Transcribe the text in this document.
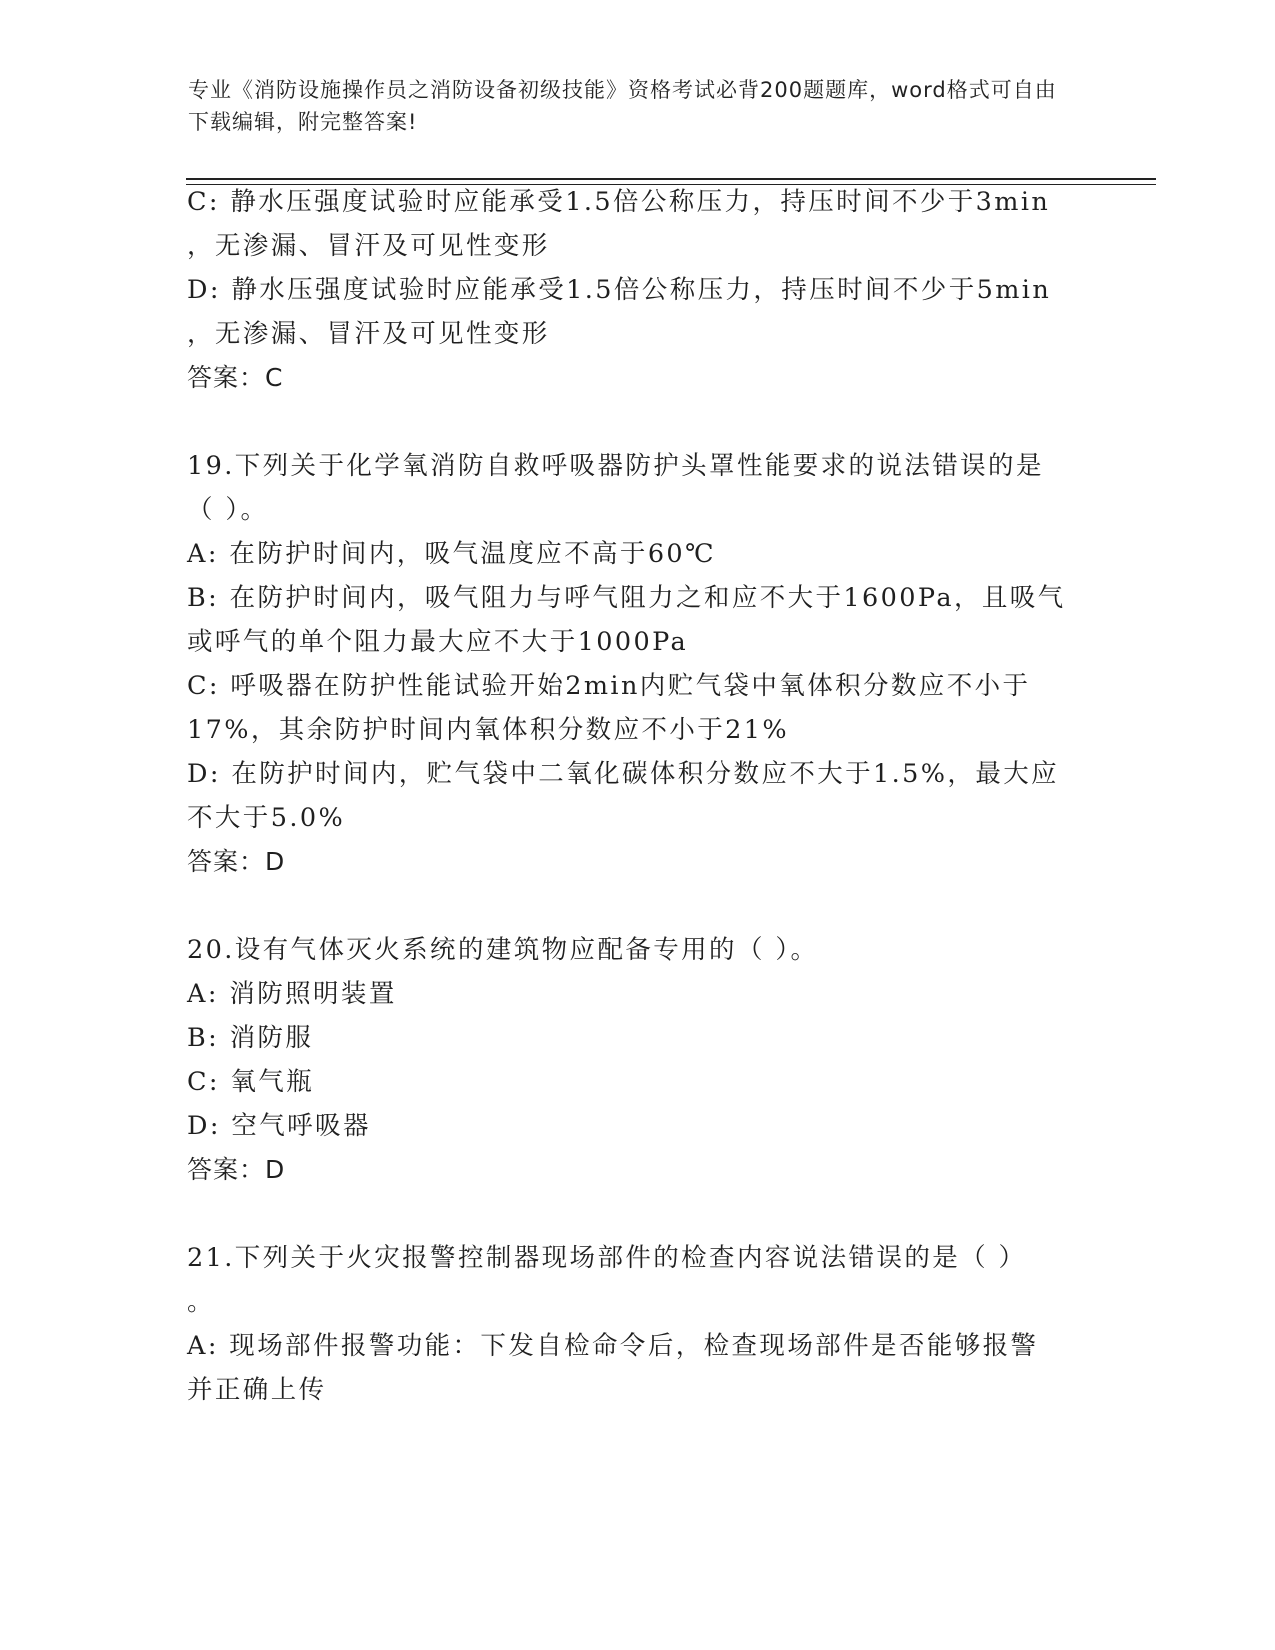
专业《消防设施操作员之消防设备初级技能》资格考试必背200题题库，word格式可自由下载编辑，附完整答案!
C: 静水压强度试验时应能承受1.5倍公称压力，持压时间不少于3min
，无渗漏、冒汗及可见性变形
D: 静水压强度试验时应能承受1.5倍公称压力，持压时间不少于5min
，无渗漏、冒汗及可见性变形
答案：C
19.下列关于化学氧消防自救呼吸器防护头罩性能要求的说法错误的是
（ ）。
A: 在防护时间内，吸气温度应不高于60℃
B: 在防护时间内，吸气阻力与呼气阻力之和应不大于1600Pa，且吸气
或呼气的单个阻力最大应不大于1000Pa
C: 呼吸器在防护性能试验开始2min内贮气袋中氧体积分数应不小于
17%，其余防护时间内氧体积分数应不小于21%
D: 在防护时间内，贮气袋中二氧化碳体积分数应不大于1.5%，最大应
不大于5.0%
答案：D
20.设有气体灭火系统的建筑物应配备专用的（ ）。
A: 消防照明装置
B: 消防服
C: 氧气瓶
D: 空气呼吸器
答案：D
21.下列关于火灾报警控制器现场部件的检查内容说法错误的是（ ）
。
A: 现场部件报警功能：下发自检命令后，检查现场部件是否能够报警
并正确上传
